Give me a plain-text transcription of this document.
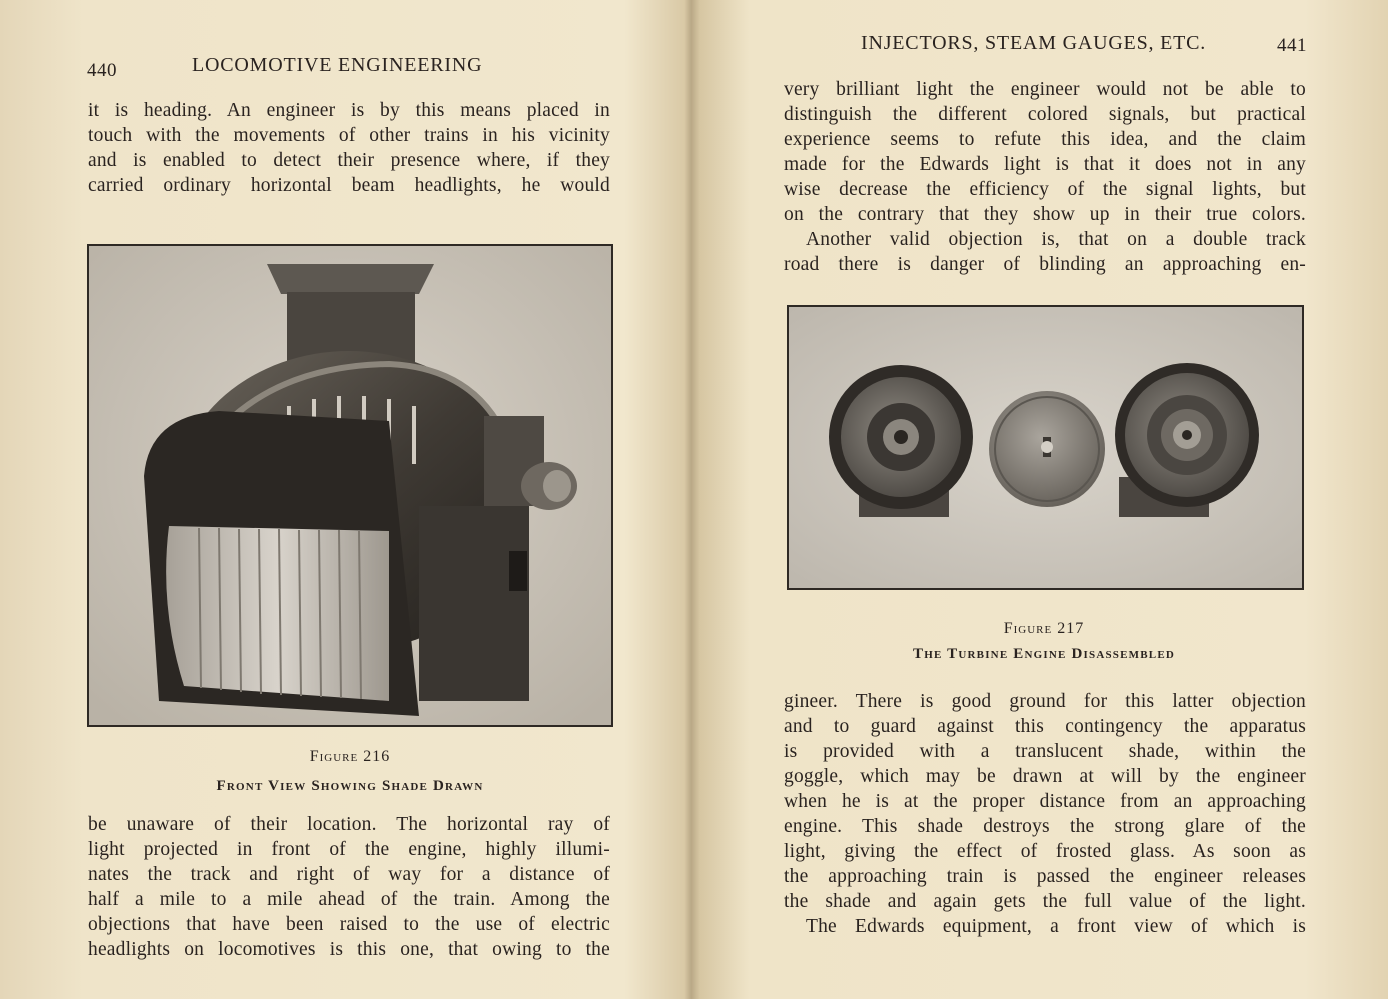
440	LOCOMOTIVE ENGINEERING
it is heading. An engineer is by this means placed in
touch with the movements of other trains in his vicinity
and is enabled to detect their presence where, if they
carried ordinary horizontal beam headlights, he would
Figure 216
Front View Showing Shade Drawn
be unaware of their location. The horizontal ray of
light projected in front of the engine, highly illumi-
nates the track and right of way for a distance of
half a mile to a mile ahead of the train. Among the
objections that have been raised to the use of electric
headlights on locomotives is this one, that owing to the
INJECTORS, STEAM GAUGES, ETC.	441
very brilliant light the engineer would not be able to
distinguish the different colored signals, but practical
experience seems to refute this idea, and the claim
made for the Edwards light is that it does not in any
wise decrease the efficiency of the signal lights, but
on the contrary that they show up in their true colors.
Another valid objection is, that on a double track
road there is danger of blinding an approaching en-
Figure 217
The Turbine Engine Disassembled
gineer. There is good ground for this latter objection
and to guard against this contingency the apparatus
is provided with a translucent shade, within the
goggle, which may be drawn at will by the engineer
when he is at the proper distance from an approaching
engine. This shade destroys the strong glare of the
light, giving the effect of frosted glass. As soon as
the approaching train is passed the engineer releases
the shade and again gets the full value of the light.
The Edwards equipment, a front view of which is
